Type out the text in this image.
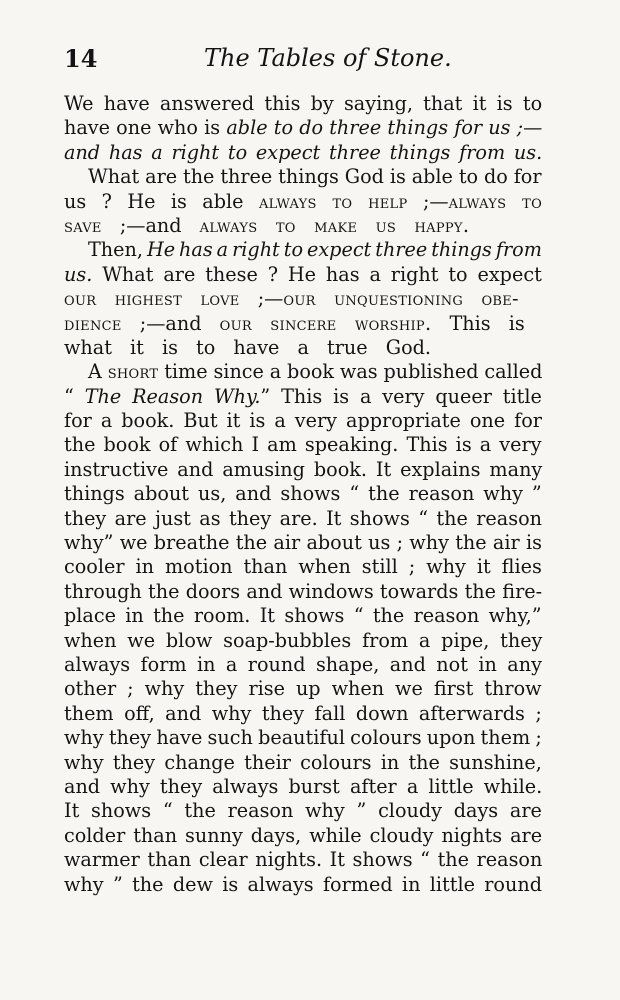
14	The Tables of Stone.
We have answered this by saying, that it is to
have one who is able to do three things for us ;—
and has a right to expect three things from us.
What are the three things God is able to do for
us ? He is able always to help ;—always to
save ;—and always to make us happy.
Then, He has a right to expect three things from
us. What are these ? He has a right to expect
our highest love ;—our unquestioning obe-
dience ;—and our sincere worship. This is
what it is to have a true God.
A short time since a book was published called
“ The Reason Why.” This is a very queer title
for a book. But it is a very appropriate one for
the book of which I am speaking. This is a very
instructive and amusing book. It explains many
things about us, and shows “ the reason why ”
they are just as they are. It shows “ the reason
why” we breathe the air about us ; why the air is
cooler in motion than when still ; why it flies
through the doors and windows towards the fire-
place in the room. It shows “ the reason why,”
when we blow soap-bubbles from a pipe, they
always form in a round shape, and not in any
other ; why they rise up when we first throw
them off, and why they fall down afterwards ;
why they have such beautiful colours upon them ;
why they change their colours in the sunshine,
and why they always burst after a little while.
It shows “ the reason why ” cloudy days are
colder than sunny days, while cloudy nights are
warmer than clear nights. It shows “ the reason
why ” the dew is always formed in little round
